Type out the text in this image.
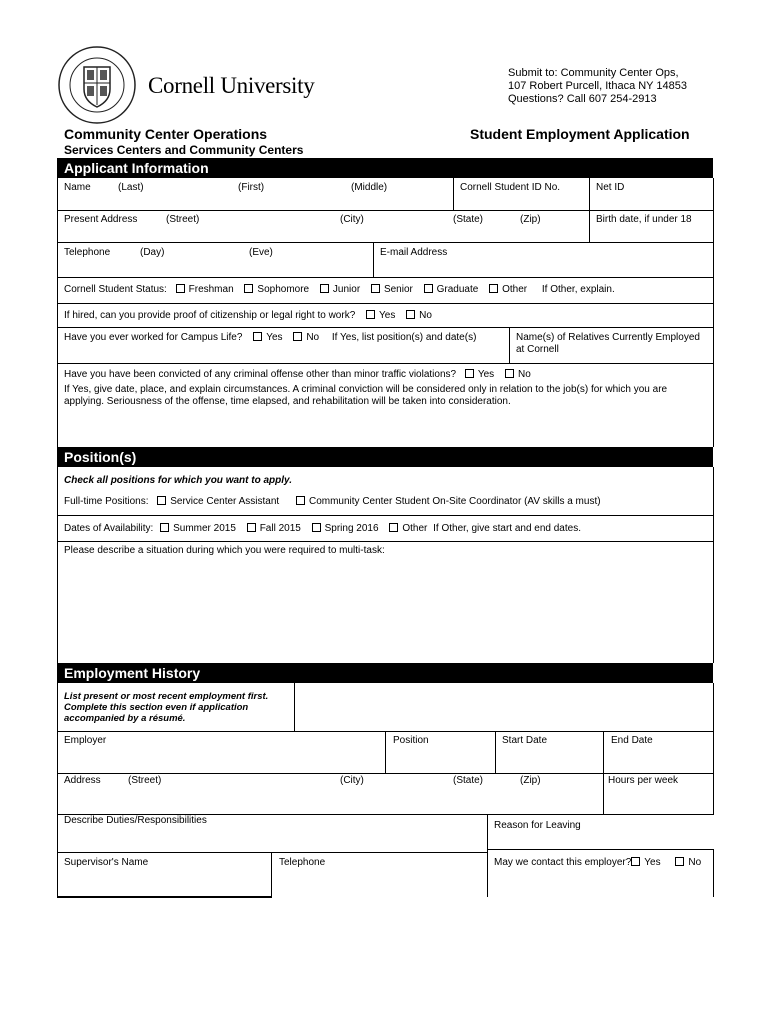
Cornell University	Submit to: Community Center Ops,
107 Robert Purcell, Ithaca NY 14853
Questions? Call 607 254-2913
Community Center Operations
Services Centers and Community Centers
Student Employment Application
Applicant Information
Name	(Last)	(First)	(Middle)	Cornell Student ID No.	Net ID
Present Address	(Street)	(City)	(State)	(Zip)	Birth date, if under 18
Telephone	(Day)	(Eve)	E-mail Address
Cornell Student Status: Freshman Sophomore Junior Senior Graduate Other If Other, explain.
If hired, can you provide proof of citizenship or legal right to work? Yes No
Have you ever worked for Campus Life? Yes No If Yes, list position(s) and date(s)	Name(s) of Relatives Currently Employed
at Cornell
Have you have been convicted of any criminal offense other than minor traffic violations? Yes No
If Yes, give date, place, and explain circumstances. A criminal conviction will be considered only in relation to the job(s) for which you are
applying. Seriousness of the offense, time elapsed, and rehabilitation will be taken into consideration.
Position(s)
Check all positions for which you want to apply.
Full-time Positions: Service Center Assistant	Community Center Student On-Site Coordinator (AV skills a must)
Dates of Availability: Summer 2015 Fall 2015 Spring 2016 Other If Other, give start and end dates.
Please describe a situation during which you were required to multi-task:
Employment History
List present or most recent employment first.
Complete this section even if application
accompanied by a résumé.
Employer	Position	Start Date	End Date
Address	(Street)	(City)	(State)	(Zip)	Hours per week
Describe Duties/Responsibilities	Reason for Leaving
Supervisor's Name	Telephone	May we contact this employer? Yes	No
